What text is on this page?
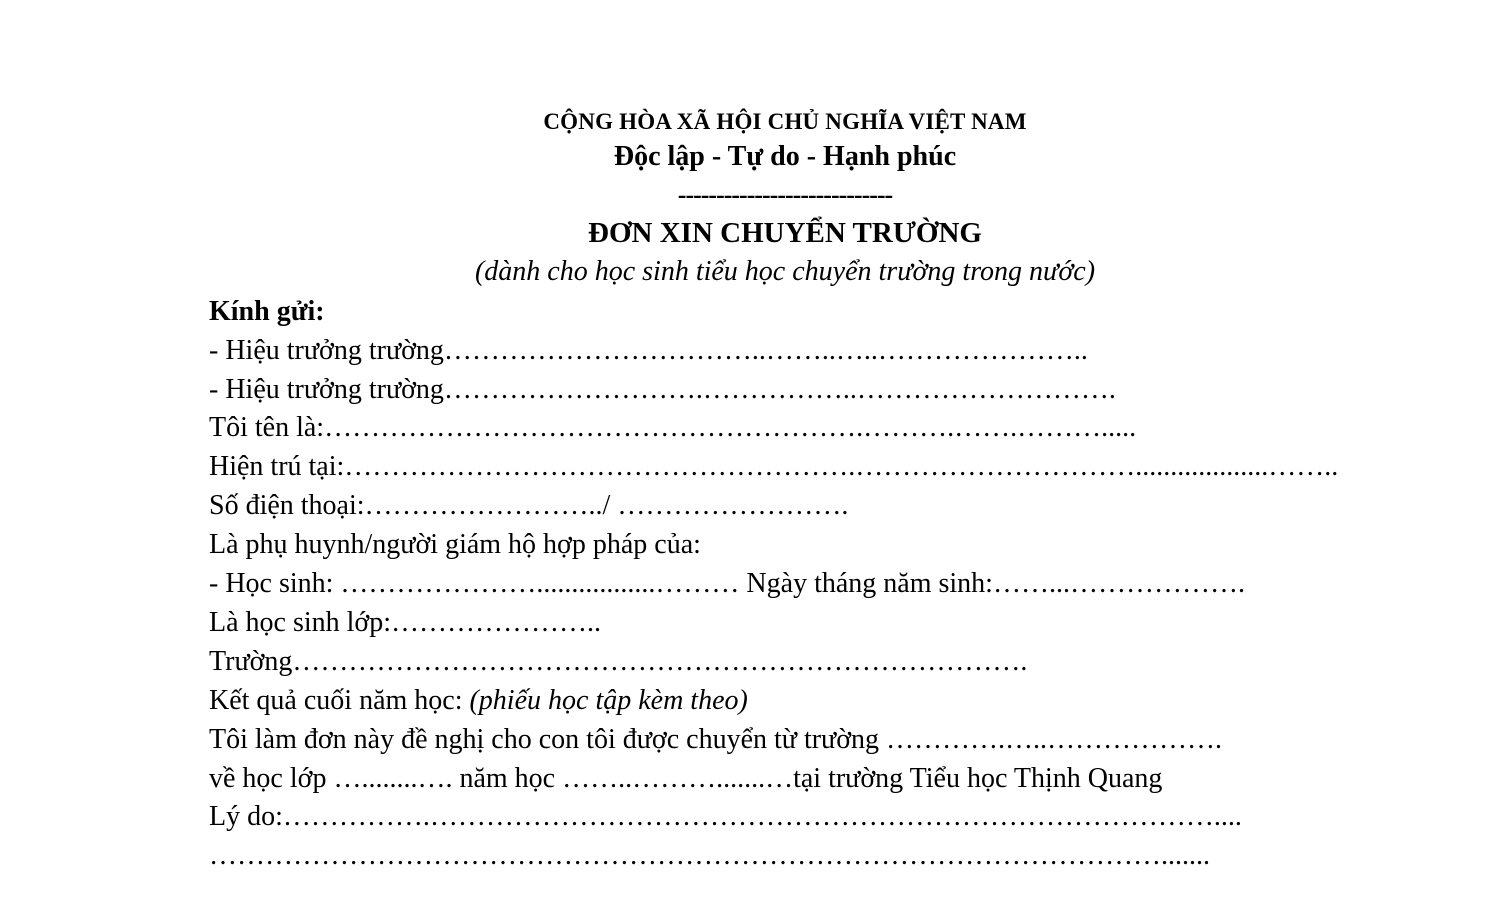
CỘNG HÒA XÃ HỘI CHỦ NGHĨA VIỆT NAM
Độc lập - Tự do - Hạnh phúc
----------------------------
ĐƠN XIN CHUYỂN TRƯỜNG
(dành cho học sinh tiểu học chuyển trường trong nước)
Kính gửi:
- Hiệu trưởng trường……………………………..……..…..…………………..
- Hiệu trưởng trường……………………….……………..……………………….
Tôi tên là:………………………………………………….……….…….……….....
Hiện trú tại:……………………………………………….…………………………...................……..
Số điện thoại:……………………../ …………………….
Là phụ huynh/người giám hộ hợp pháp của:
- Học sinh: ………………….................……… Ngày tháng năm sinh:……...……………….
Là học sinh lớp:…………………..
Trường…………………………………………………………………….
Kết quả cuối năm học: (phiếu học tập kèm theo)
Tôi làm đơn này đề nghị cho con tôi được chuyển từ trường ………….…..……………….
về học lớp …........…. năm học ……..……….......…tại trường Tiểu học Thịnh Quang
Lý do:…………….…………………………………………………………………………....
………………………………………………………………………………………….......
